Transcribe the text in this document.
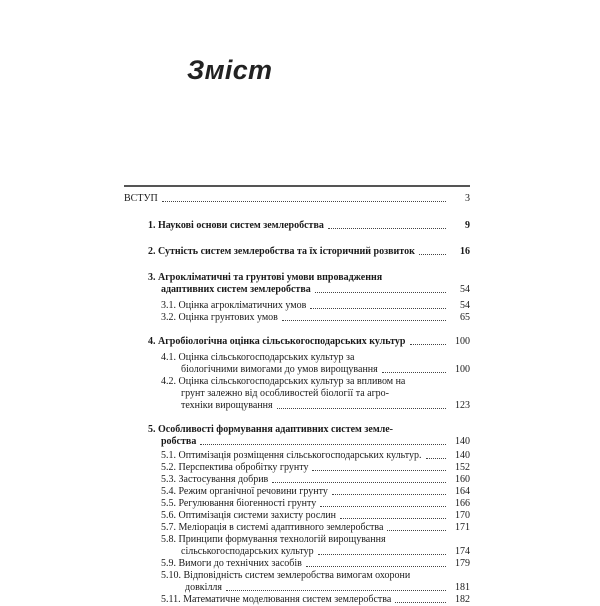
Зміст
ВСТУП	3
1. Наукові основи систем землеробства	9
2. Сутність систем землеробства та їх історичний розвиток	16
3. Агрокліматичні та грунтові умови впровадження
адаптивних систем землеробства	54
3.1. Оцінка агрокліматичних умов	54
3.2. Оцінка грунтових умов	65
4. Агробіологічна оцінка сільськогосподарських культур	100
4.1. Оцінка сільськогосподарських культур за
біологічними вимогами до умов вирощування	100
4.2. Оцінка сільськогосподарських культур за впливом на
грунт залежно від особливостей біології та агро-
техніки вирощування	123
5. Особливості формування адаптивних систем земле-
робства	140
5.1. Оптимізація розміщення сільськогосподарських культур.	140
5.2. Перспектива обробітку грунту	152
5.3. Застосування добрив	160
5.4. Режим органічної речовини грунту	164
5.5. Регулювання біогенності грунту	166
5.6. Оптимізація системи захисту рослин	170
5.7. Меліорація в системі адаптивного землеробства	171
5.8. Принципи формування технологій вирощування
сільськогосподарських культур	174
5.9. Вимоги до технічних засобів	179
5.10. Відповідність систем землеробства вимогам охорони
довкілля	181
5.11. Математичне моделювання систем землеробства	182
